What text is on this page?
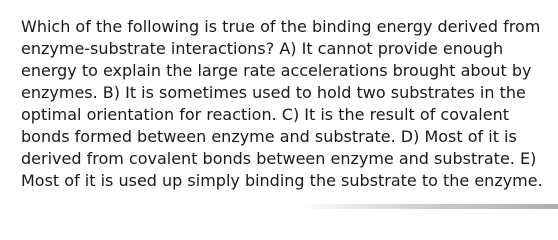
Which of the following is true of the binding energy derived from enzyme-substrate interactions? A) It cannot provide enough energy to explain the large rate accelerations brought about by enzymes. B) It is sometimes used to hold two substrates in the optimal orientation for reaction. C) It is the result of covalent bonds formed between enzyme and substrate. D) Most of it is derived from covalent bonds between enzyme and substrate. E) Most of it is used up simply binding the substrate to the enzyme.
